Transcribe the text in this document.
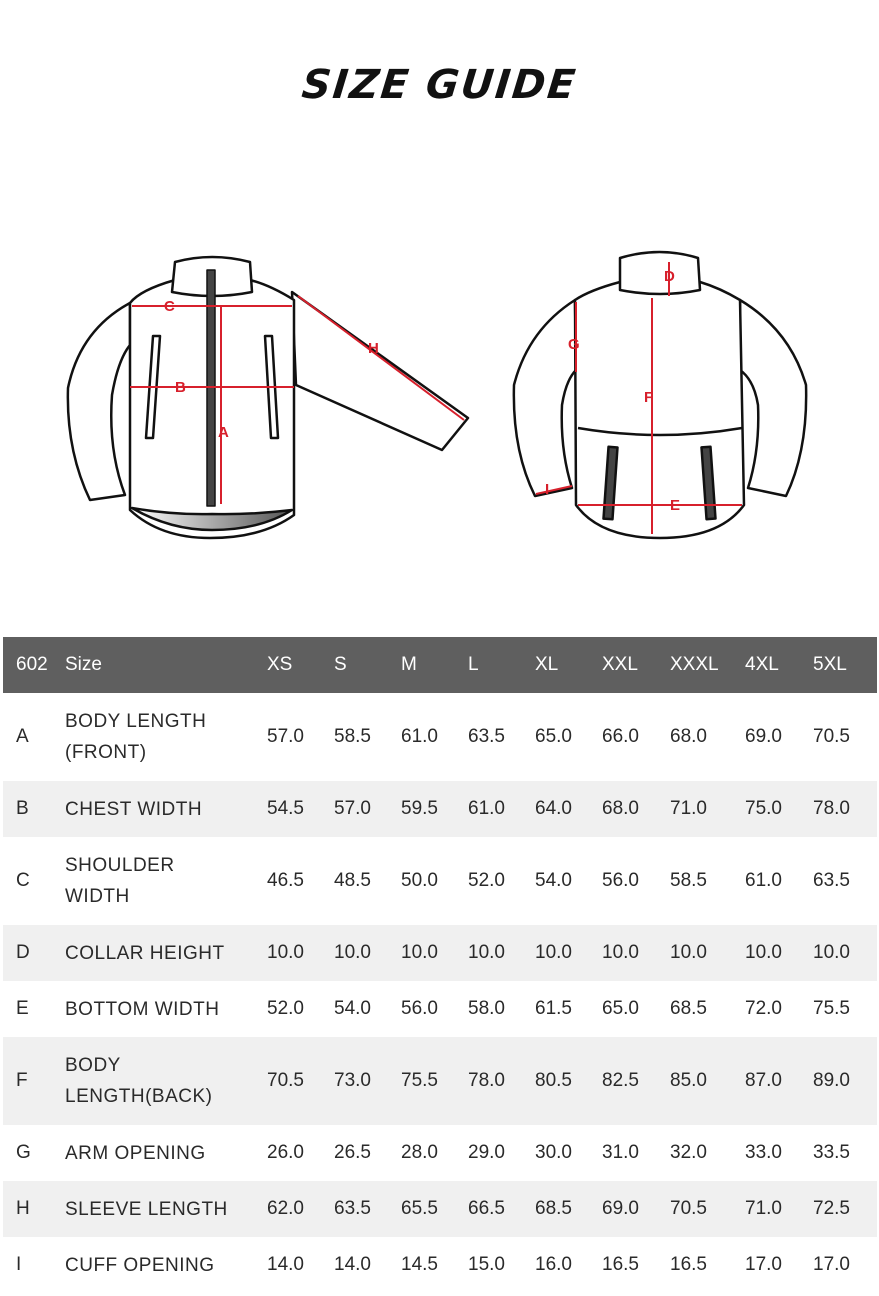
SIZE GUIDE
C
B
A
H
D
G
F
I
E
602	Size	XS	S	M	L	XL	XXL	XXXL	4XL	5XL
A	BODY LENGTH (FRONT)	57.0	58.5	61.0	63.5	65.0	66.0	68.0	69.0	70.5
B	CHEST WIDTH	54.5	57.0	59.5	61.0	64.0	68.0	71.0	75.0	78.0
C	SHOULDER WIDTH	46.5	48.5	50.0	52.0	54.0	56.0	58.5	61.0	63.5
D	COLLAR HEIGHT	10.0	10.0	10.0	10.0	10.0	10.0	10.0	10.0	10.0
E	BOTTOM WIDTH	52.0	54.0	56.0	58.0	61.5	65.0	68.5	72.0	75.5
F	BODY LENGTH(BACK)	70.5	73.0	75.5	78.0	80.5	82.5	85.0	87.0	89.0
G	ARM OPENING	26.0	26.5	28.0	29.0	30.0	31.0	32.0	33.0	33.5
H	SLEEVE LENGTH	62.0	63.5	65.5	66.5	68.5	69.0	70.5	71.0	72.5
I	CUFF OPENING	14.0	14.0	14.5	15.0	16.0	16.5	16.5	17.0	17.0
